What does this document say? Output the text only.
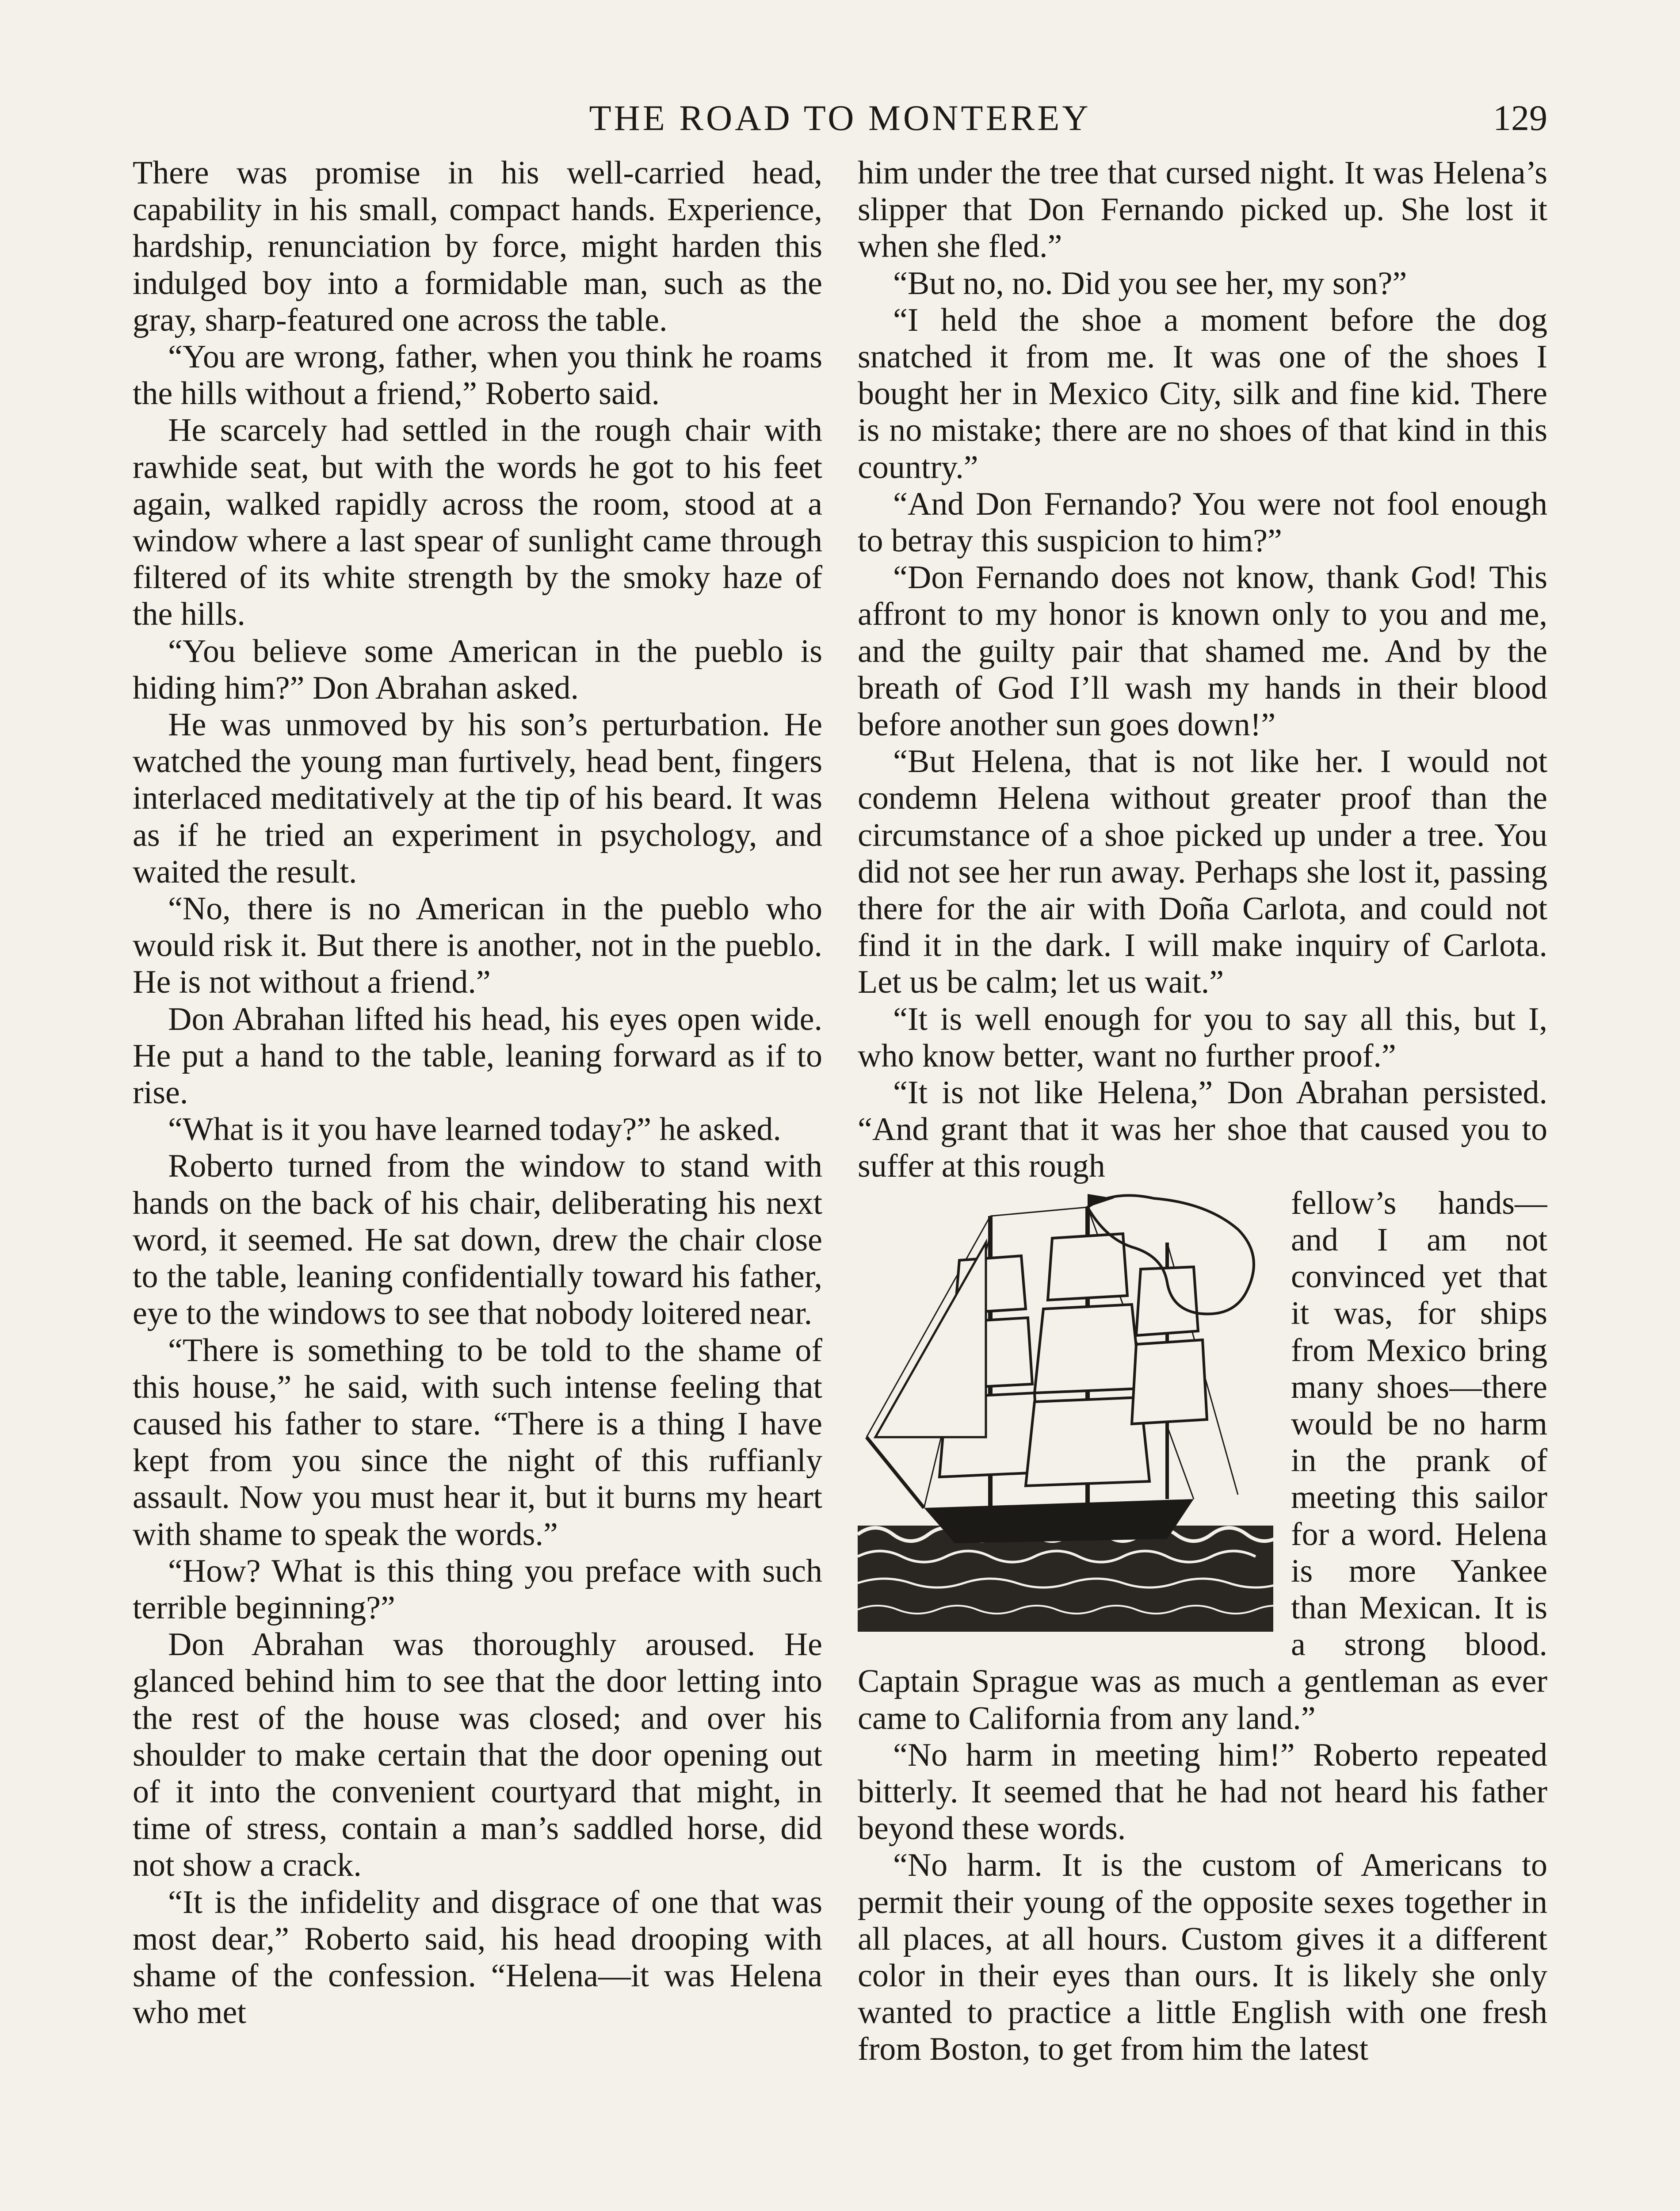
THE ROAD TO MONTEREY	129

There was promise in his well-carried head, capability in his small, compact hands. Experience, hardship, renunciation by force, might harden this indulged boy into a formidable man, such as the gray, sharp-featured one across the table.

“You are wrong, father, when you think he roams the hills without a friend,” Roberto said.

He scarcely had settled in the rough chair with rawhide seat, but with the words he got to his feet again, walked rapidly across the room, stood at a window where a last spear of sunlight came through filtered of its white strength by the smoky haze of the hills.

“You believe some American in the pueblo is hiding him?” Don Abrahan asked.

He was unmoved by his son’s perturbation. He watched the young man furtively, head bent, fingers interlaced meditatively at the tip of his beard. It was as if he tried an experiment in psychology, and waited the result.

“No, there is no American in the pueblo who would risk it. But there is another, not in the pueblo. He is not without a friend.”

Don Abrahan lifted his head, his eyes open wide. He put a hand to the table, leaning forward as if to rise.

“What is it you have learned today?” he asked.

Roberto turned from the window to stand with hands on the back of his chair, deliberating his next word, it seemed. He sat down, drew the chair close to the table, leaning confidentially toward his father, eye to the windows to see that nobody loitered near.

“There is something to be told to the shame of this house,” he said, with such intense feeling that caused his father to stare. “There is a thing I have kept from you since the night of this ruffianly assault. Now you must hear it, but it burns my heart with shame to speak the words.”

“How? What is this thing you preface with such terrible beginning?”

Don Abrahan was thoroughly aroused. He glanced behind him to see that the door letting into the rest of the house was closed; and over his shoulder to make certain that the door opening out of it into the convenient courtyard that might, in time of stress, contain a man’s saddled horse, did not show a crack.

“It is the infidelity and disgrace of one that was most dear,” Roberto said, his head drooping with shame of the confession. “Helena—it was Helena who met

him under the tree that cursed night. It was Helena’s slipper that Don Fernando picked up. She lost it when she fled.”

“But no, no. Did you see her, my son?”

“I held the shoe a moment before the dog snatched it from me. It was one of the shoes I bought her in Mexico City, silk and fine kid. There is no mistake; there are no shoes of that kind in this country.”

“And Don Fernando? You were not fool enough to betray this suspicion to him?”

“Don Fernando does not know, thank God! This affront to my honor is known only to you and me, and the guilty pair that shamed me. And by the breath of God I’ll wash my hands in their blood before another sun goes down!”

“But Helena, that is not like her. I would not condemn Helena without greater proof than the circumstance of a shoe picked up under a tree. You did not see her run away. Perhaps she lost it, passing there for the air with Doña Carlota, and could not find it in the dark. I will make inquiry of Carlota. Let us be calm; let us wait.”

“It is well enough for you to say all this, but I, who know better, want no further proof.”

“It is not like Helena,” Don Abrahan persisted. “And grant that it was her shoe that caused you to suffer at this rough

fellow’s hands—and I am not convinced yet that it was, for ships from Mexico bring many shoes—there would be no harm in the prank of meeting this sailor for a word. Helena is more Yankee than Mexican. It is a strong blood. Captain Sprague was as much a gentleman as ever came to California from any land.”

“No harm in meeting him!” Roberto repeated bitterly. It seemed that he had not heard his father beyond these words.

“No harm. It is the custom of Americans to permit their young of the opposite sexes together in all places, at all hours. Custom gives it a different color in their eyes than ours. It is likely she only wanted to practice a little English with one fresh from Boston, to get from him the latest
